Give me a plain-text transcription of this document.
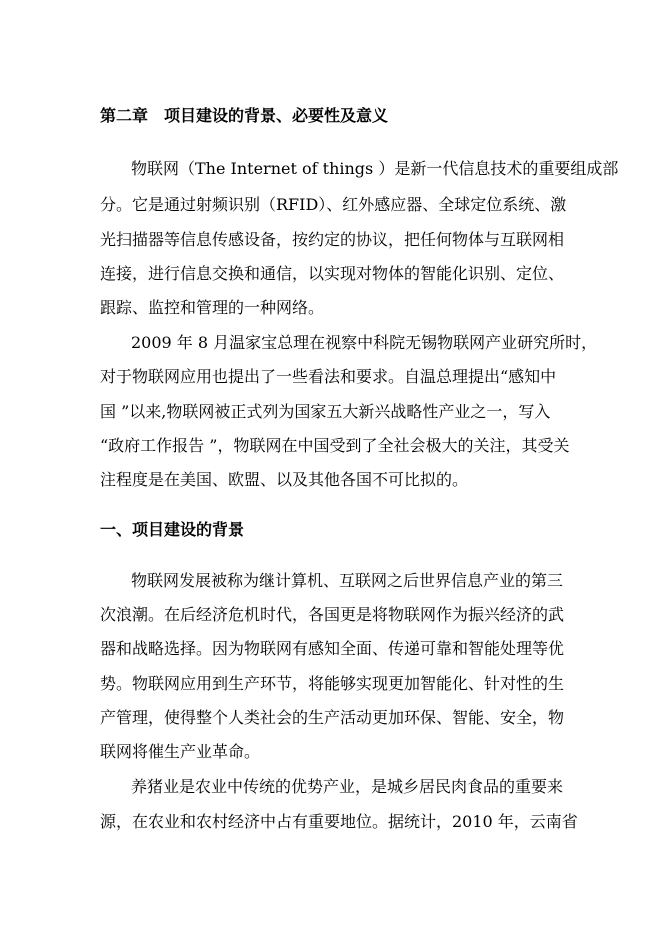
第二章 项目建设的背景、必要性及意义

物联网（The Internet of things ）是新一代信息技术的重要组成部

分。它是通过射频识别（RFID）、红外感应器、全球定位系统、激

光扫描器等信息传感设备，按约定的协议，把任何物体与互联网相

连接，进行信息交换和通信，以实现对物体的智能化识别、定位、

跟踪、监控和管理的一种网络。

2009 年 8 月温家宝总理在视察中科院无锡物联网产业研究所时，

对于物联网应用也提出了一些看法和要求。自温总理提出“感知中

国 ”以来,物联网被正式列为国家五大新兴战略性产业之一，写入

“政府工作报告 ”，物联网在中国受到了全社会极大的关注，其受关

注程度是在美国、欧盟、以及其他各国不可比拟的。

一、项目建设的背景

物联网发展被称为继计算机、互联网之后世界信息产业的第三

次浪潮。在后经济危机时代，各国更是将物联网作为振兴经济的武

器和战略选择。因为物联网有感知全面、传递可靠和智能处理等优

势。物联网应用到生产环节，将能够实现更加智能化、针对性的生

产管理，使得整个人类社会的生产活动更加环保、智能、安全，物

联网将催生产业革命。

养猪业是农业中传统的优势产业，是城乡居民肉食品的重要来

源，在农业和农村经济中占有重要地位。据统计，2010 年，云南省
